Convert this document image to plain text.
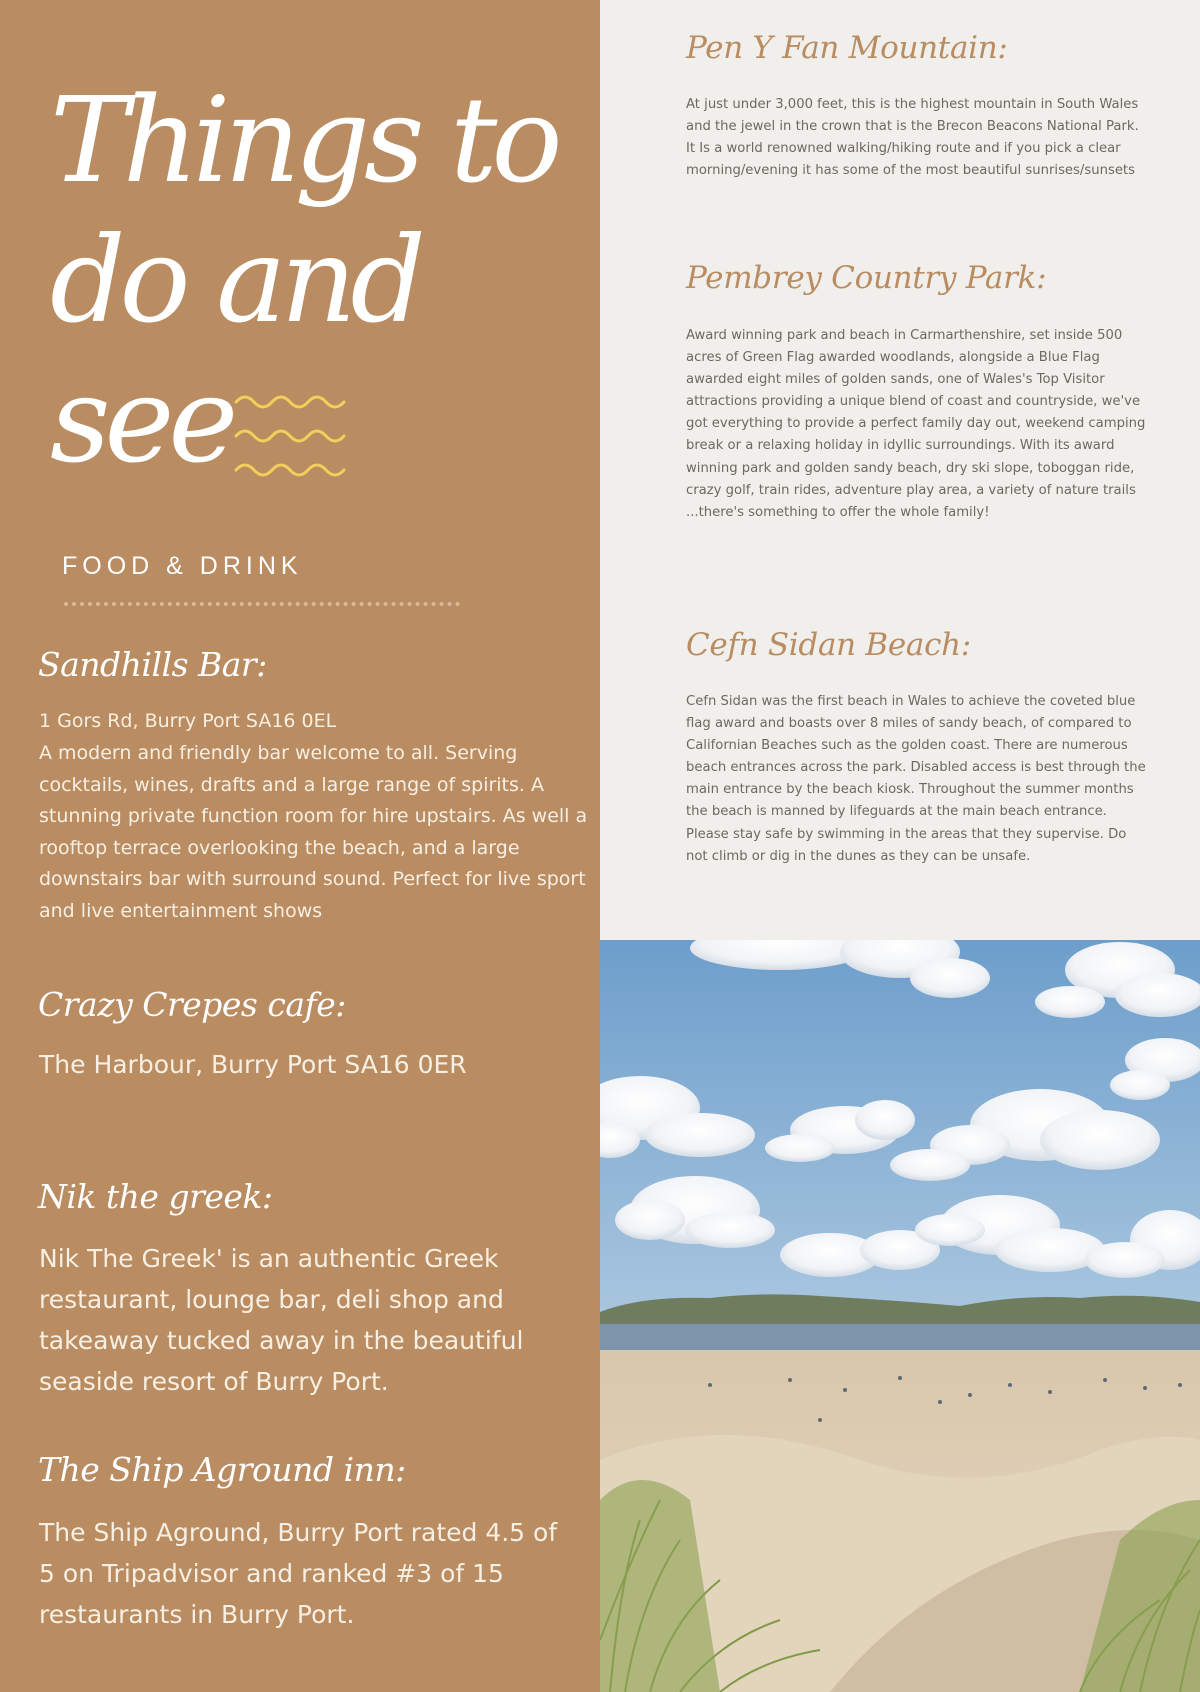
Things to
do and see
FOOD & DRINK
Sandhills Bar:

1 Gors Rd, Burry Port SA16 0EL

A modern and friendly bar welcome to all. Serving cocktails, wines, drafts and a large range of spirits. A stunning private function room for hire upstairs. As well a rooftop terrace overlooking the beach, and a large downstairs bar with surround sound. Perfect for live sport and live entertainment shows

Crazy Crepes cafe:

The Harbour, Burry Port SA16 0ER

Nik the greek:

Nik The Greek' is an authentic Greek restaurant, lounge bar, deli shop and takeaway tucked away in the beautiful seaside resort of Burry Port.

The Ship Aground inn:

The Ship Aground, Burry Port rated 4.5 of 5 on Tripadvisor and ranked #3 of 15 restaurants in Burry Port.

Pen Y Fan Mountain:

At just under 3,000 feet, this is the highest mountain in South Wales and the jewel in the crown that is the Brecon Beacons National Park. It Is a world renowned walking/hiking route and if you pick a clear morning/evening it has some of the most beautiful sunrises/sunsets

Pembrey Country Park:

Award winning park and beach in Carmarthenshire, set inside 500 acres of Green Flag awarded woodlands, alongside a Blue Flag awarded eight miles of golden sands, one of Wales's Top Visitor attractions providing a unique blend of coast and countryside, we've got everything to provide a perfect family day out, weekend camping break or a relaxing holiday in idyllic surroundings. With its award winning park and golden sandy beach, dry ski slope, toboggan ride, crazy golf, train rides, adventure play area, a variety of nature trails ...there's something to offer the whole family!

Cefn Sidan Beach:

Cefn Sidan was the first beach in Wales to achieve the coveted blue flag award and boasts over 8 miles of sandy beach, of compared to Californian Beaches such as the golden coast. There are numerous beach entrances across the park. Disabled access is best through the main entrance by the beach kiosk. Throughout the summer months the beach is manned by lifeguards at the main beach entrance. Please stay safe by swimming in the areas that they supervise. Do not climb or dig in the dunes as they can be unsafe.
